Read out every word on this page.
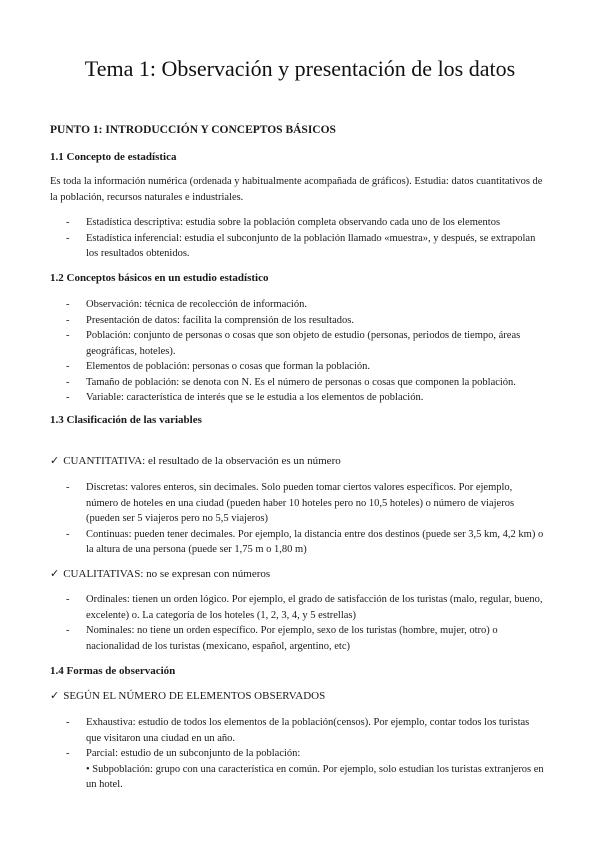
Tema 1: Observación y presentación de los datos
PUNTO 1: INTRODUCCIÓN Y CONCEPTOS BÁSICOS
1.1 Concepto de estadística
Es toda la información numérica (ordenada y habitualmente acompañada de gráficos). Estudia: datos cuantitativos de la población, recursos naturales e industriales.
- Estadística descriptiva: estudia sobre la población completa observando cada uno de los elementos
- Estadística inferencial: estudia el subconjunto de la población llamado «muestra», y después, se extrapolan los resultados obtenidos.
1.2 Conceptos básicos en un estudio estadístico
- Observación: técnica de recolección de información.
- Presentación de datos: facilita la comprensión de los resultados.
- Población: conjunto de personas o cosas que son objeto de estudio (personas, periodos de tiempo, áreas geográficas, hoteles).
- Elementos de población: personas o cosas que forman la población.
- Tamaño de población: se denota con N. Es el número de personas o cosas que componen la población.
- Variable: característica de interés que se le estudia a los elementos de población.
1.3 Clasificación de las variables
✓ CUANTITATIVA: el resultado de la observación es un número
- Discretas: valores enteros, sin decimales. Solo pueden tomar ciertos valores específicos. Por ejemplo, número de hoteles en una ciudad (pueden haber 10 hoteles pero no 10,5 hoteles) o número de viajeros (pueden ser 5 viajeros pero no 5,5 viajeros)
- Continuas: pueden tener decimales. Por ejemplo, la distancia entre dos destinos (puede ser 3,5 km, 4,2 km) o la altura de una persona (puede ser 1,75 m o 1,80 m)
✓ CUALITATIVAS: no se expresan con números
- Ordinales: tienen un orden lógico. Por ejemplo, el grado de satisfacción de los turistas (malo, regular, bueno, excelente) o. La categoría de los hoteles (1, 2, 3, 4, y 5 estrellas)
- Nominales: no tiene un orden específico. Por ejemplo, sexo de los turistas (hombre, mujer, otro) o nacionalidad de los turistas (mexicano, español, argentino, etc)
1.4 Formas de observación
✓ SEGÚN EL NÚMERO DE ELEMENTOS OBSERVADOS
- Exhaustiva: estudio de todos los elementos de la población(censos). Por ejemplo, contar todos los turistas que visitaron una ciudad en un año.
- Parcial: estudio de un subconjunto de la población:
• Subpoblación: grupo con una característica en común. Por ejemplo, solo estudian los turistas extranjeros en un hotel.
